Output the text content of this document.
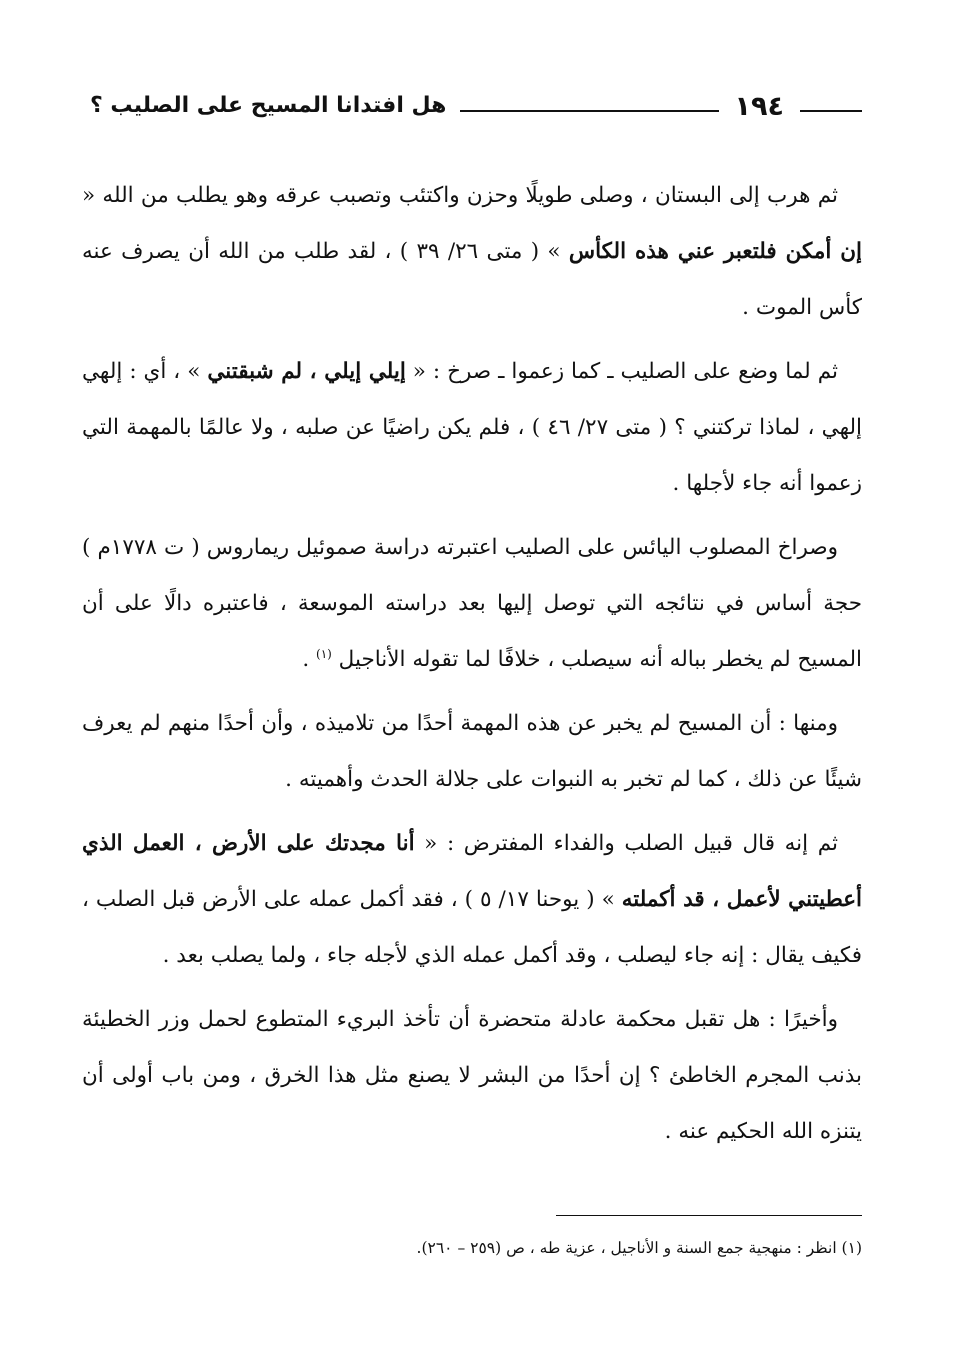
١٩٤
هل افتدانا المسيح على الصليب ؟

ثم هرب إلى البستان ، وصلى طويلًا وحزن واكتئب وتصبب عرقه وهو يطلب من الله « إن أمكن فلتعبر عني هذه الكأس » ( متى ٢٦/ ٣٩ ) ، لقد طلب من الله أن يصرف عنه كأس الموت .

ثم لما وضع على الصليب ـ كما زعموا ـ صرخ : « إيلي إيلي ، لم شبقتني » ، أي : إلهي إلهي ، لماذا تركتني ؟ ( متى ٢٧/ ٤٦ ) ، فلم يكن راضيًا عن صلبه ، ولا عالمًا بالمهمة التي زعموا أنه جاء لأجلها .

وصراخ المصلوب اليائس على الصليب اعتبرته دراسة صموئيل ريماروس ( ت ١٧٧٨م ) حجة أساس في نتائجه التي توصل إليها بعد دراسته الموسعة ، فاعتبره دالًا على أن المسيح لم يخطر بباله أنه سيصلب ، خلافًا لما تقوله الأناجيل $^{(١)}$ .

ومنها : أن المسيح لم يخبر عن هذه المهمة أحدًا من تلاميذه ، وأن أحدًا منهم لم يعرف شيئًا عن ذلك ، كما لم تخبر به النبوات على جلالة الحدث وأهميته .

ثم إنه قال قبيل الصلب والفداء المفترض : « أنا مجدتك على الأرض ، العمل الذي أعطيتني لأعمل ، قد أكملته » ( يوحنا ١٧/ ٥ ) ، فقد أكمل عمله على الأرض قبل الصلب ، فكيف يقال : إنه جاء ليصلب ، وقد أكمل عمله الذي لأجله جاء ، ولما يصلب بعد .

وأخيرًا : هل تقبل محكمة عادلة متحضرة أن تأخذ البريء المتطوع لحمل وزر الخطيئة بذنب المجرم الخاطئ ؟ إن أحدًا من البشر لا يصنع مثل هذا الخرق ، ومن باب أولى أن يتنزه الله الحكيم عنه .

(١) انظر : منهجية جمع السنة و الأناجيل ، عزية طه ، ص (٢٥٩ – ٢٦٠).
